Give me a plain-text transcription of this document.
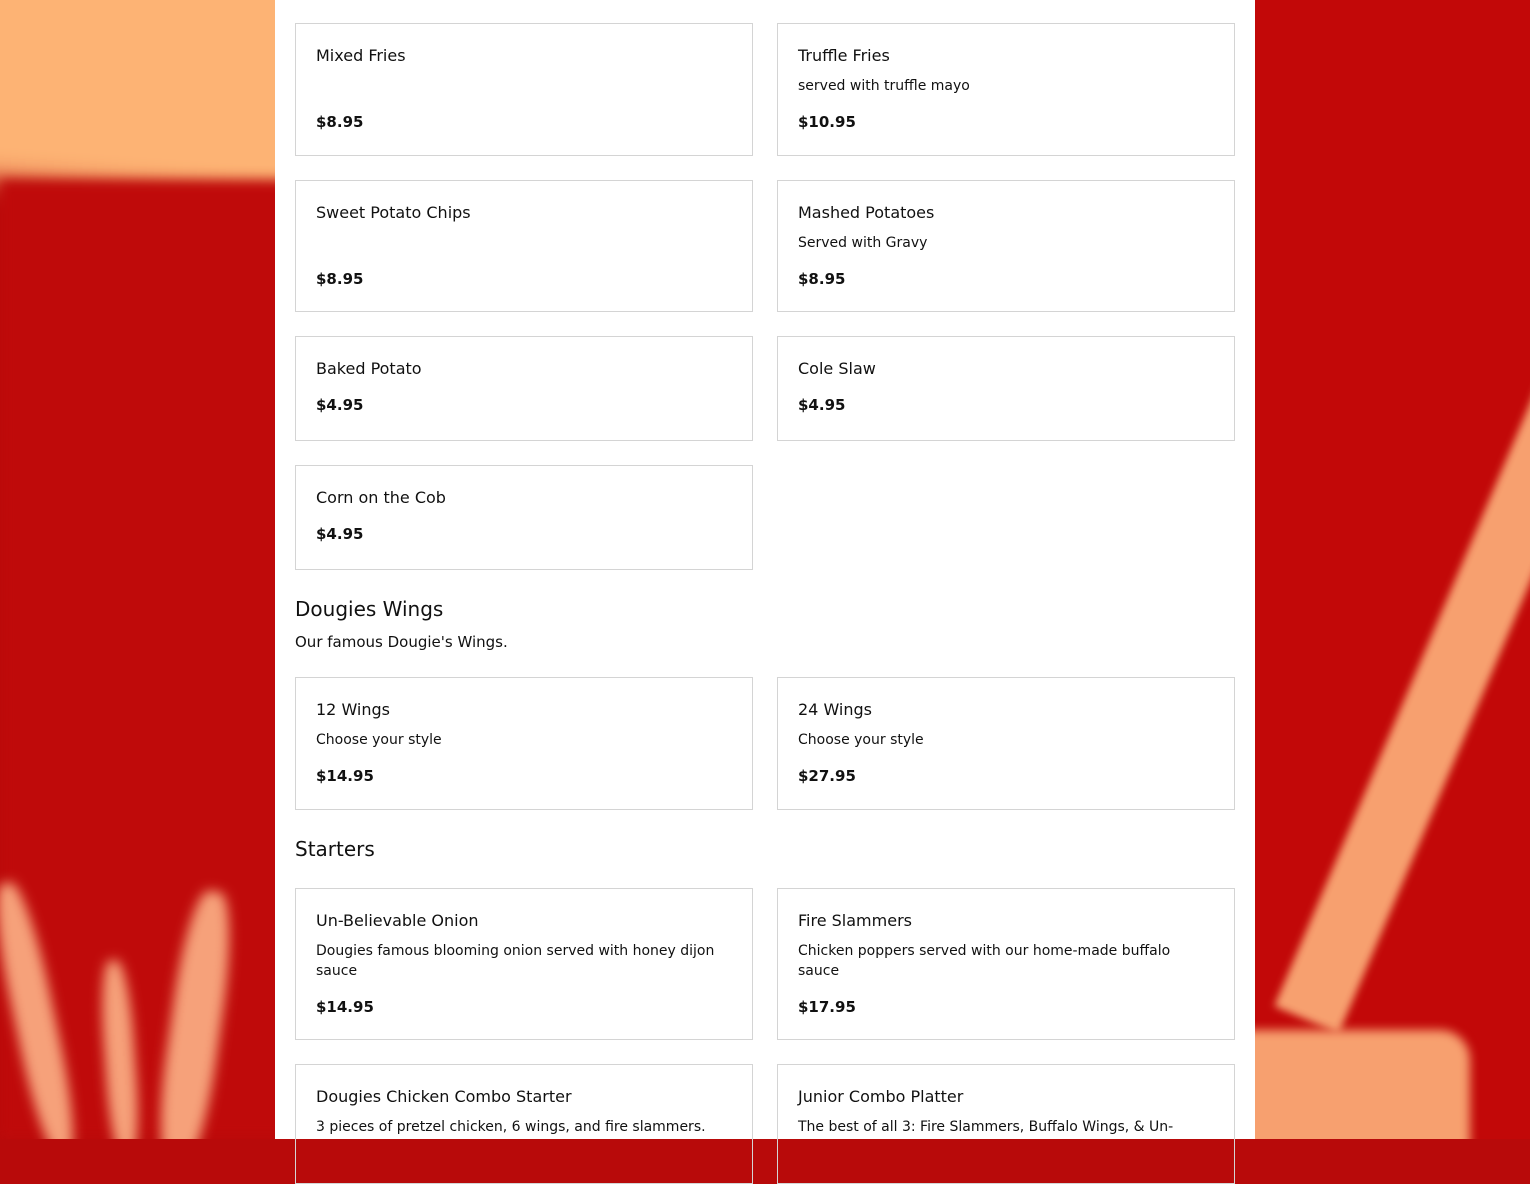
Mixed Fries
$8.95
Truffle Fries
served with truffle mayo
$10.95
Sweet Potato Chips
$8.95
Mashed Potatoes
Served with Gravy
$8.95
Baked Potato
$4.95
Cole Slaw
$4.95
Corn on the Cob
$4.95
Dougies Wings
Our famous Dougie's Wings.
12 Wings
Choose your style
$14.95
24 Wings
Choose your style
$27.95
Starters
Un-Believable Onion
Dougies famous blooming onion served with honey dijon sauce
$14.95
Fire Slammers
Chicken poppers served with our home-made buffalo sauce
$17.95
Dougies Chicken Combo Starter
3 pieces of pretzel chicken, 6 wings, and fire slammers.
Junior Combo Platter
The best of all 3: Fire Slammers, Buffalo Wings, & Un-
